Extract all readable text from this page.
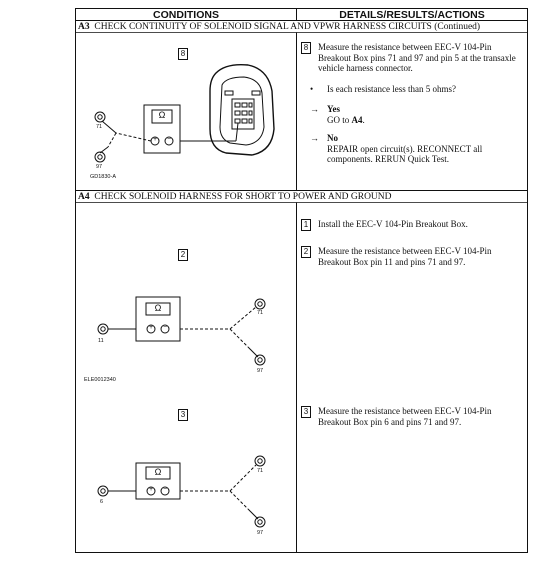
CONDITIONS	DETAILS/RESULTS/ACTIONS
A3 CHECK CONTINUITY OF SOLENOID SIGNAL AND VPWR HARNESS CIRCUITS (Continued)
8
Ω
+ −
71
97
GD1830-A
8	Measure the resistance between EEC-V 104-Pin Breakout Box pins 71 and 97 and pin 5 at the transaxle vehicle harness connector.
• Is each resistance less than 5 ohms?
→ Yes
GO to A4.
→ No
REPAIR open circuit(s). RECONNECT all components. RERUN Quick Test.
A4 CHECK SOLENOID HARNESS FOR SHORT TO POWER AND GROUND
2
Ω
+ −
11
71
97
ELE0012340
3
Ω
+ −
6
71
97
1	Install the EEC-V 104-Pin Breakout Box.
2	Measure the resistance between EEC-V 104-Pin Breakout Box pin 11 and pins 71 and 97.
3	Measure the resistance between EEC-V 104-Pin Breakout Box pin 6 and pins 71 and 97.
